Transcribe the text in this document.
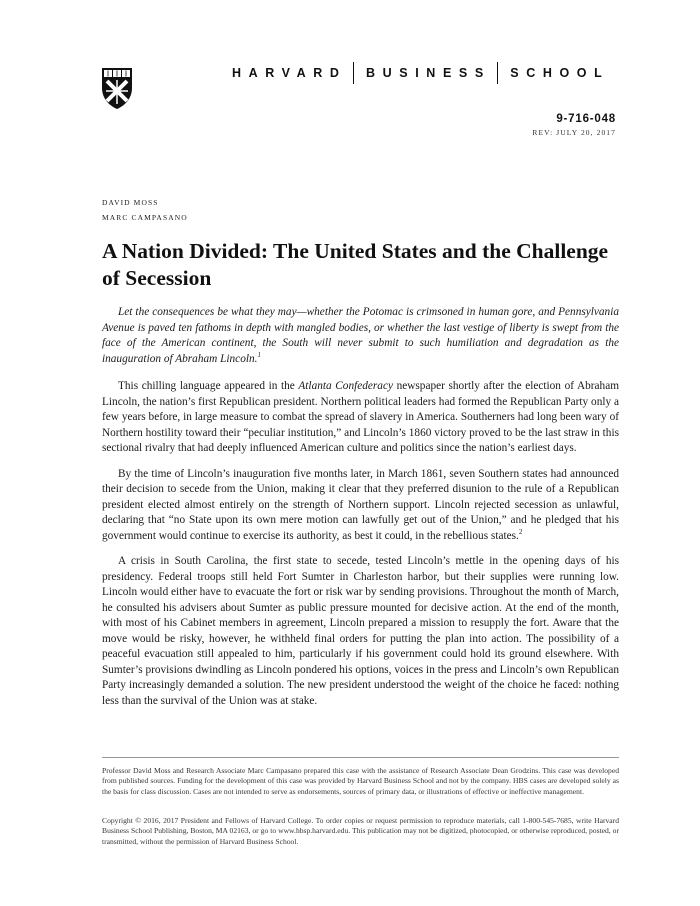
HARVARD BUSINESS SCHOOL
9-716-048
REV: JULY 20, 2017
DAVID MOSS
MARC CAMPASANO
A Nation Divided: The United States and the Challenge of Secession

Let the consequences be what they may—whether the Potomac is crimsoned in human gore, and Pennsylvania Avenue is paved ten fathoms in depth with mangled bodies, or whether the last vestige of liberty is swept from the face of the American continent, the South will never submit to such humiliation and degradation as the inauguration of Abraham Lincoln.$^1$

This chilling language appeared in the Atlanta Confederacy newspaper shortly after the election of Abraham Lincoln, the nation’s first Republican president. Northern political leaders had formed the Republican Party only a few years before, in large measure to combat the spread of slavery in America. Southerners had long been wary of Northern hostility toward their “peculiar institution,” and Lincoln’s 1860 victory proved to be the last straw in this sectional rivalry that had deeply influenced American culture and politics since the nation’s earliest days.

By the time of Lincoln’s inauguration five months later, in March 1861, seven Southern states had announced their decision to secede from the Union, making it clear that they preferred disunion to the rule of a Republican president elected almost entirely on the strength of Northern support. Lincoln rejected secession as unlawful, declaring that “no State upon its own mere motion can lawfully get out of the Union,” and he pledged that his government would continue to exercise its authority, as best it could, in the rebellious states.$^2$

A crisis in South Carolina, the first state to secede, tested Lincoln’s mettle in the opening days of his presidency. Federal troops still held Fort Sumter in Charleston harbor, but their supplies were running low. Lincoln would either have to evacuate the fort or risk war by sending provisions. Throughout the month of March, he consulted his advisers about Sumter as public pressure mounted for decisive action. At the end of the month, with most of his Cabinet members in agreement, Lincoln prepared a mission to resupply the fort. Aware that the move would be risky, however, he withheld final orders for putting the plan into action. The possibility of a peaceful evacuation still appealed to him, particularly if his government could hold its ground elsewhere. With Sumter’s provisions dwindling as Lincoln pondered his options, voices in the press and Lincoln’s own Republican Party increasingly demanded a solution. The new president understood the weight of the choice he faced: nothing less than the survival of the Union was at stake.

Professor David Moss and Research Associate Marc Campasano prepared this case with the assistance of Research Associate Dean Grodzins. This case was developed from published sources. Funding for the development of this case was provided by Harvard Business School and not by the company. HBS cases are developed solely as the basis for class discussion. Cases are not intended to serve as endorsements, sources of primary data, or illustrations of effective or ineffective management.

Copyright © 2016, 2017 President and Fellows of Harvard College. To order copies or request permission to reproduce materials, call 1-800-545-7685, write Harvard Business School Publishing, Boston, MA 02163, or go to www.hbsp.harvard.edu. This publication may not be digitized, photocopied, or otherwise reproduced, posted, or transmitted, without the permission of Harvard Business School.
